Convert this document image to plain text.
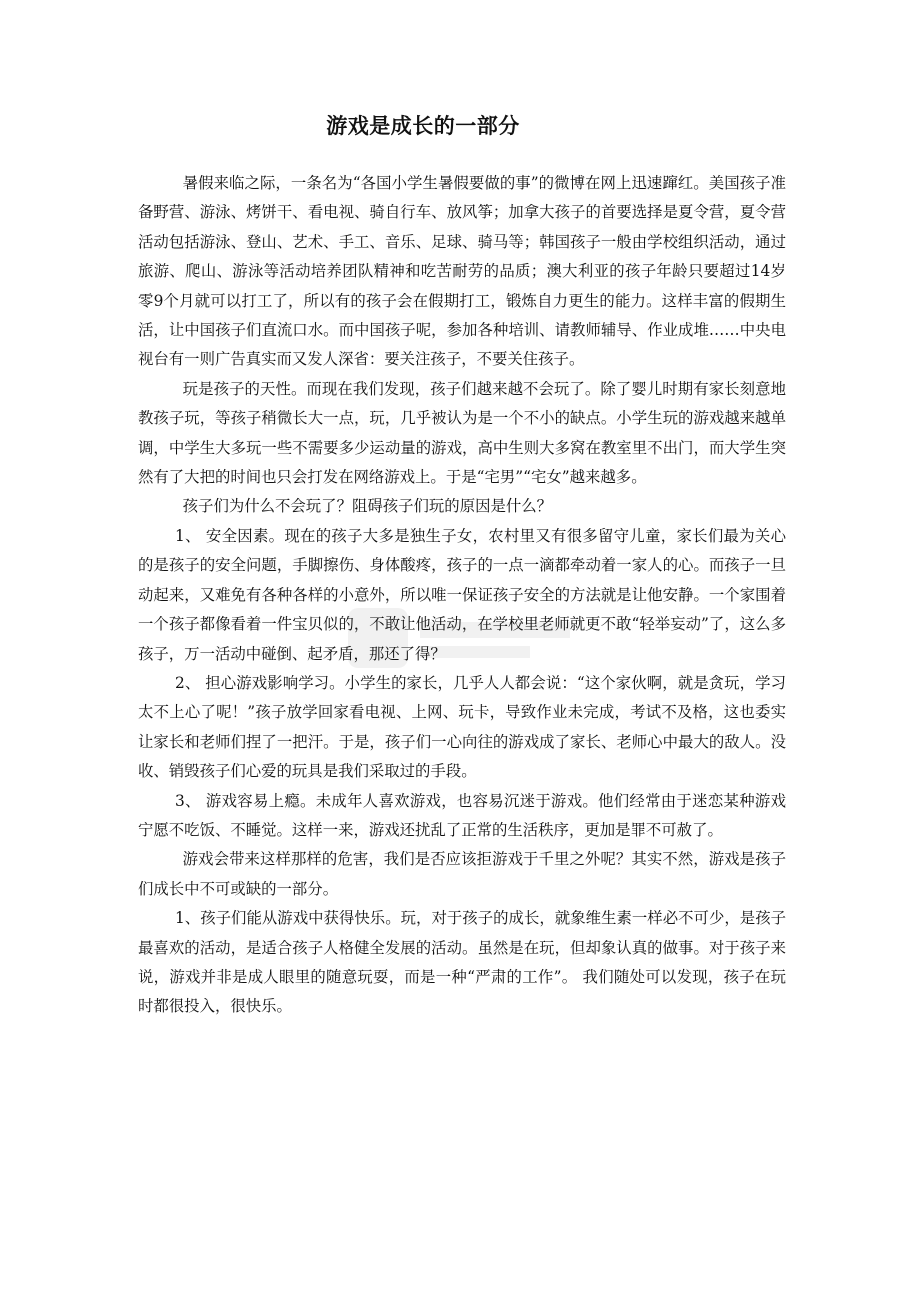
游戏是成长的一部分

暑假来临之际，一条名为“各国小学生暑假要做的事”的微博在网上迅速蹿红。美国孩子准备野营、游泳、烤饼干、看电视、骑自行车、放风筝；加拿大孩子的首要选择是夏令营，夏令营活动包括游泳、登山、艺术、手工、音乐、足球、骑马等；韩国孩子一般由学校组织活动，通过旅游、爬山、游泳等活动培养团队精神和吃苦耐劳的品质；澳大利亚的孩子年龄只要超过14岁零9个月就可以打工了，所以有的孩子会在假期打工，锻炼自力更生的能力。这样丰富的假期生活，让中国孩子们直流口水。而中国孩子呢，参加各种培训、请教师辅导、作业成堆……中央电视台有一则广告真实而又发人深省：要关注孩子，不要关住孩子。

玩是孩子的天性。而现在我们发现，孩子们越来越不会玩了。除了婴儿时期有家长刻意地教孩子玩，等孩子稍微长大一点，玩，几乎被认为是一个不小的缺点。小学生玩的游戏越来越单调，中学生大多玩一些不需要多少运动量的游戏，高中生则大多窝在教室里不出门，而大学生突然有了大把的时间也只会打发在网络游戏上。于是“宅男”“宅女”越来越多。

孩子们为什么不会玩了？阻碍孩子们玩的原因是什么？

1、 安全因素。现在的孩子大多是独生子女，农村里又有很多留守儿童，家长们最为关心的是孩子的安全问题，手脚擦伤、身体酸疼，孩子的一点一滴都牵动着一家人的心。而孩子一旦动起来，又难免有各种各样的小意外，所以唯一保证孩子安全的方法就是让他安静。一个家围着一个孩子都像看着一件宝贝似的，不敢让他活动，在学校里老师就更不敢“轻举妄动”了，这么多孩子，万一活动中碰倒、起矛盾，那还了得？

2、 担心游戏影响学习。小学生的家长，几乎人人都会说：“这个家伙啊，就是贪玩，学习太不上心了呢！”孩子放学回家看电视、上网、玩卡，导致作业未完成，考试不及格，这也委实让家长和老师们捏了一把汗。于是，孩子们一心向往的游戏成了家长、老师心中最大的敌人。没收、销毁孩子们心爱的玩具是我们采取过的手段。

3、 游戏容易上瘾。未成年人喜欢游戏，也容易沉迷于游戏。他们经常由于迷恋某种游戏宁愿不吃饭、不睡觉。这样一来，游戏还扰乱了正常的生活秩序，更加是罪不可赦了。

游戏会带来这样那样的危害，我们是否应该拒游戏于千里之外呢？其实不然，游戏是孩子们成长中不可或缺的一部分。

1、孩子们能从游戏中获得快乐。玩，对于孩子的成长，就象维生素一样必不可少，是孩子最喜欢的活动，是适合孩子人格健全发展的活动。虽然是在玩，但却象认真的做事。对于孩子来说，游戏并非是成人眼里的随意玩耍，而是一种“严肃的工作”。 我们随处可以发现，孩子在玩时都很投入，很快乐。
